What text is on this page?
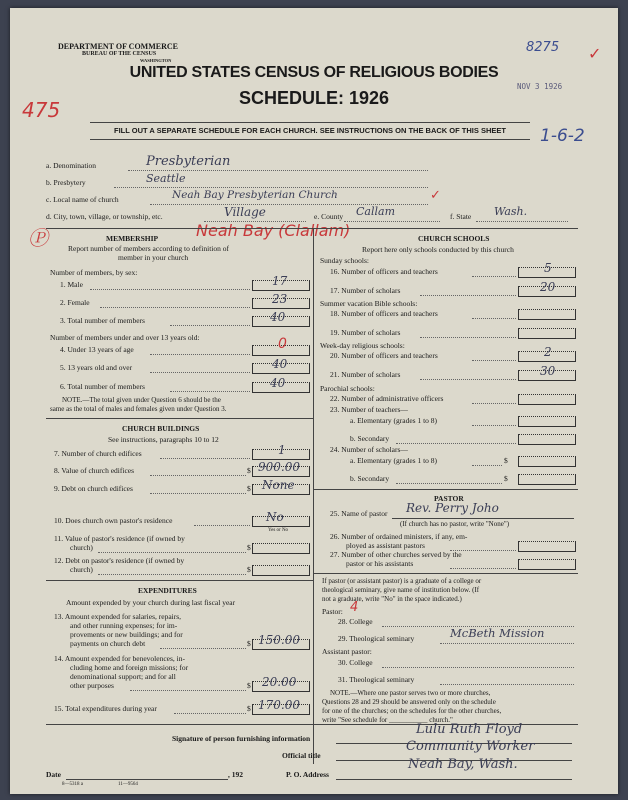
DEPARTMENT OF COMMERCE
BUREAU OF THE CENSUS
WASHINGTON
UNITED STATES CENSUS OF RELIGIOUS BODIES
SCHEDULE: 1926
8275
NOV 3 1926
475
✓
FILL OUT A SEPARATE SCHEDULE FOR EACH CHURCH. SEE INSTRUCTIONS ON THE BACK OF THIS SHEET	1-6-2
a. Denomination	Presbyterian
b. Presbytery	Seattle
c. Local name of church	Neah Bay Presbyterian Church	✓
d. City, town, village, or township, etc.	Village	e. County Callam	f. State Wash.
Ⓟ	Neah Bay (Clallam)
MEMBERSHIP
Report number of members according to definition of
member in your church
Number of members, by sex:
1. Male	17
2. Female	23
3. Total number of members	40
Number of members under and over 13 years old:
4. Under 13 years of age	0
5. 13 years old and over	40
6. Total number of members	40
NOTE.—The total given under Question 6 should be the
same as the total of males and females given under Question 3.
CHURCH BUILDINGS
See instructions, paragraphs 10 to 12
7. Number of church edifices	1
8. Value of church edifices	$ 900.00
9. Debt on church edifices	$ None
10. Does church own pastor's residence	No
Yes or No
11. Value of pastor's residence (if owned by
church)	$
12. Debt on pastor's residence (if owned by
church)	$
EXPENDITURES
Amount expended by your church during last fiscal year
13. Amount expended for salaries, repairs,
and other running expenses; for im-
provements or new buildings; and for
payments on church debt	$ 150.00
14. Amount expended for benevolences, in-
cluding home and foreign missions; for
denominational support; and for all
other purposes	$ 20.00
15. Total expenditures during year	$ 170.00
CHURCH SCHOOLS
Report here only schools conducted by this church
Sunday schools:
16. Number of officers and teachers	5
17. Number of scholars	20
Summer vacation Bible schools:
18. Number of officers and teachers
19. Number of scholars
Week-day religious schools:
20. Number of officers and teachers	2
21. Number of scholars	30
Parochial schools:
22. Number of administrative officers
23. Number of teachers—
a. Elementary (grades 1 to 8)
b. Secondary
24. Number of scholars—
a. Elementary (grades 1 to 8)	$
b. Secondary	$
PASTOR
25. Name of pastor Rev. Perry Joho
(If church has no pastor, write "None")
26. Number of ordained ministers, if any, em-
ployed as assistant pastors
27. Number of other churches served by the
pastor or his assistants
If pastor (or assistant pastor) is a graduate of a college or
theological seminary, give name of institution below. (If
not a graduate, write "No" in the space indicated.)
Pastor: 4
28. College
29. Theological seminary	McBeth Mission
Assistant pastor:
30. College
31. Theological seminary
NOTE.—Where one pastor serves two or more churches,
Questions 28 and 29 should be answered only on the schedule
for one of the churches; on the schedules for the other churches,
write "See schedule for ___________ church."
Signature of person furnishing information
Lulu Ruth Floyd
Official title
Community Worker
Date	, 192	P. O. Address
Neah Bay, Wash.
8—5318 a	11—9564
